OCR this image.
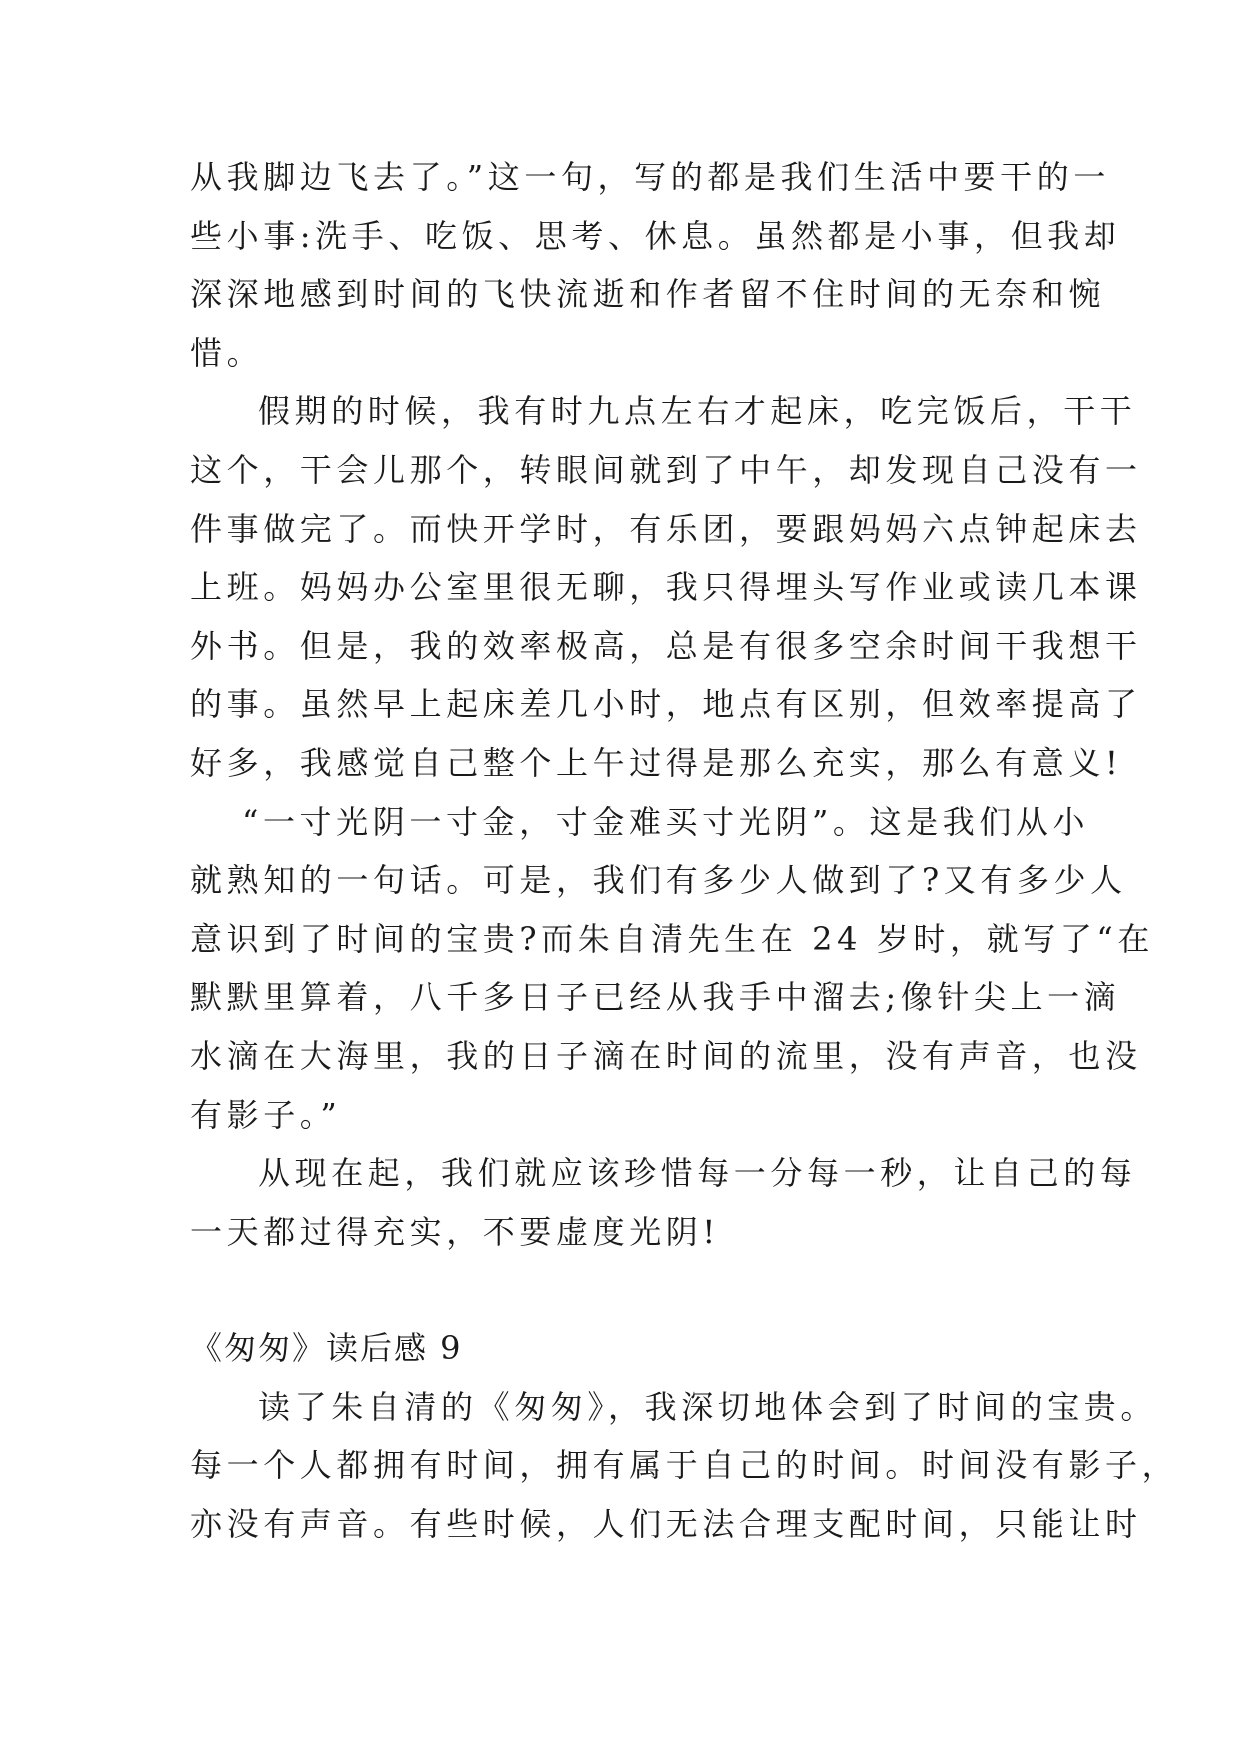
从我脚边飞去了。”这一句，写的都是我们生活中要干的一
些小事:洗手、吃饭、思考、休息。虽然都是小事，但我却
深深地感到时间的飞快流逝和作者留不住时间的无奈和惋
惜。
假期的时候，我有时九点左右才起床，吃完饭后，干干
这个，干会儿那个，转眼间就到了中午，却发现自己没有一
件事做完了。而快开学时，有乐团，要跟妈妈六点钟起床去
上班。妈妈办公室里很无聊，我只得埋头写作业或读几本课
外书。但是，我的效率极高，总是有很多空余时间干我想干
的事。虽然早上起床差几小时，地点有区别，但效率提高了
好多，我感觉自己整个上午过得是那么充实，那么有意义!
“一寸光阴一寸金，寸金难买寸光阴”。这是我们从小
就熟知的一句话。可是，我们有多少人做到了?又有多少人
意识到了时间的宝贵?而朱自清先生在 24 岁时，就写了“在
默默里算着，八千多日子已经从我手中溜去;像针尖上一滴
水滴在大海里，我的日子滴在时间的流里，没有声音，也没
有影子。”
从现在起，我们就应该珍惜每一分每一秒，让自己的每
一天都过得充实，不要虚度光阴!
《匆匆》读后感 9
读了朱自清的《匆匆》，我深切地体会到了时间的宝贵。
每一个人都拥有时间，拥有属于自己的时间。时间没有影子，
亦没有声音。有些时候，人们无法合理支配时间，只能让时
